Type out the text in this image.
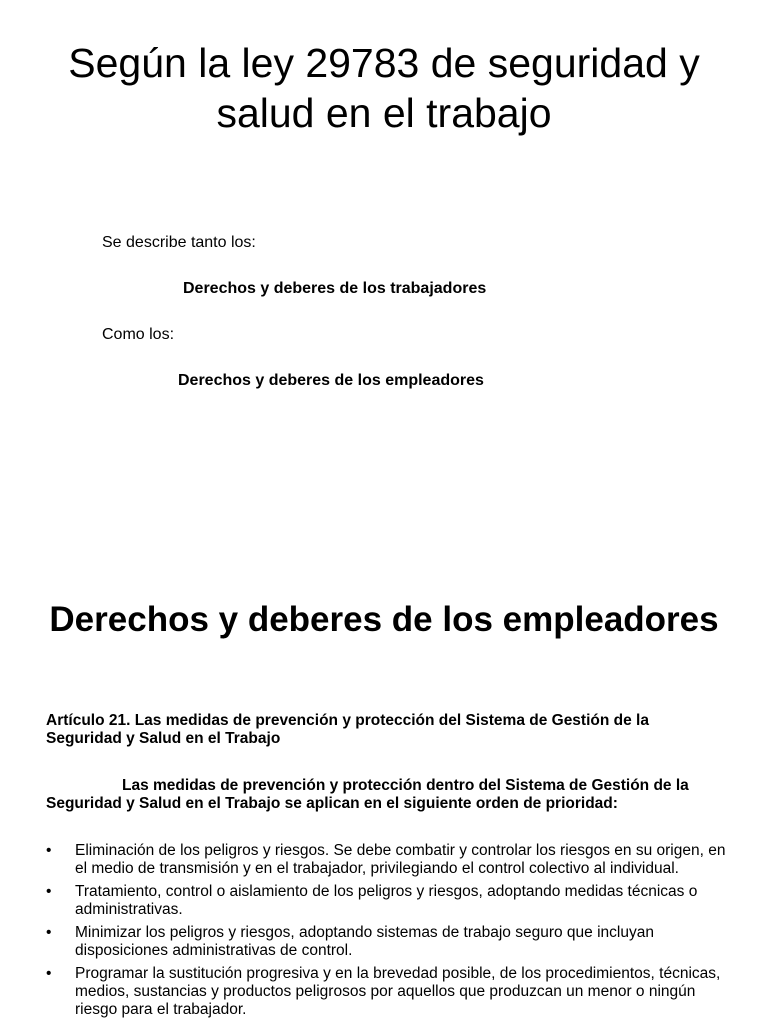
Según la ley 29783 de seguridad y salud en el trabajo
Se describe tanto los:
Derechos y deberes de los trabajadores
Como los:
Derechos y deberes de los empleadores
Derechos y deberes de los empleadores
Artículo 21. Las medidas de prevención y protección del Sistema de Gestión de la Seguridad y Salud en el Trabajo
Las medidas de prevención y protección dentro del Sistema de Gestión de la Seguridad y Salud en el Trabajo se aplican en el siguiente orden de prioridad:
• Eliminación de los peligros y riesgos. Se debe combatir y controlar los riesgos en su origen, en el medio de transmisión y en el trabajador, privilegiando el control colectivo al individual.
• Tratamiento, control o aislamiento de los peligros y riesgos, adoptando medidas técnicas o administrativas.
• Minimizar los peligros y riesgos, adoptando sistemas de trabajo seguro que incluyan disposiciones administrativas de control.
• Programar la sustitución progresiva y en la brevedad posible, de los procedimientos, técnicas, medios, sustancias y productos peligrosos por aquellos que produzcan un menor o ningún riesgo para el trabajador.
